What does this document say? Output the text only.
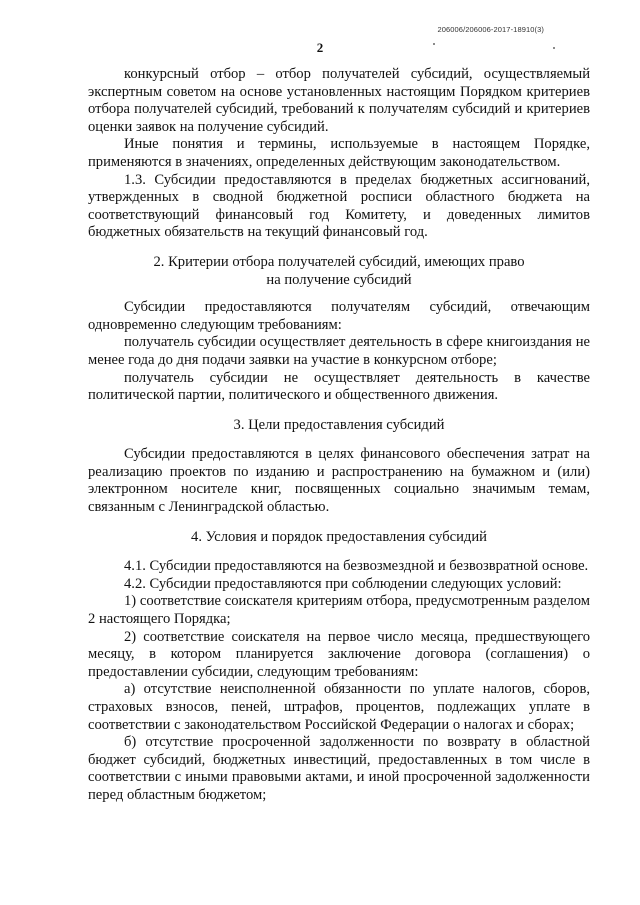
206006/206006-2017-18910(3)
2

конкурсный отбор – отбор получателей субсидий, осуществляемый экспертным советом на основе установленных настоящим Порядком критериев отбора получателей субсидий, требований к получателям субсидий и критериев оценки заявок на получение субсидий.

Иные понятия и термины, используемые в настоящем Порядке, применяются в значениях, определенных действующим законодательством.

1.3. Субсидии предоставляются в пределах бюджетных ассигнований, утвержденных в сводной бюджетной росписи областного бюджета на соответствующий финансовый год Комитету, и доведенных лимитов бюджетных обязательств на текущий финансовый год.

2. Критерии отбора получателей субсидий, имеющих право

на получение субсидий

Субсидии предоставляются получателям субсидий, отвечающим одновременно следующим требованиям:

получатель субсидии осуществляет деятельность в сфере книгоиздания не менее года до дня подачи заявки на участие в конкурсном отборе;

получатель субсидии не осуществляет деятельность в качестве политической партии, политического и общественного движения.

3. Цели предоставления субсидий

Субсидии предоставляются в целях финансового обеспечения затрат на реализацию проектов по изданию и распространению на бумажном и (или) электронном носителе книг, посвященных социально значимым темам, связанным с Ленинградской областью.

4. Условия и порядок предоставления субсидий

4.1. Субсидии предоставляются на безвозмездной и безвозвратной основе.

4.2. Субсидии предоставляются при соблюдении следующих условий:

1) соответствие соискателя критериям отбора, предусмотренным разделом 2 настоящего Порядка;

2) соответствие соискателя на первое число месяца, предшествующего месяцу, в котором планируется заключение договора (соглашения) о предоставлении субсидии, следующим требованиям:

а) отсутствие неисполненной обязанности по уплате налогов, сборов, страховых взносов, пеней, штрафов, процентов, подлежащих уплате в соответствии с законодательством Российской Федерации о налогах и сборах;

б) отсутствие просроченной задолженности по возврату в областной бюджет субсидий, бюджетных инвестиций, предоставленных в том числе в соответствии с иными правовыми актами, и иной просроченной задолженности перед областным бюджетом;
